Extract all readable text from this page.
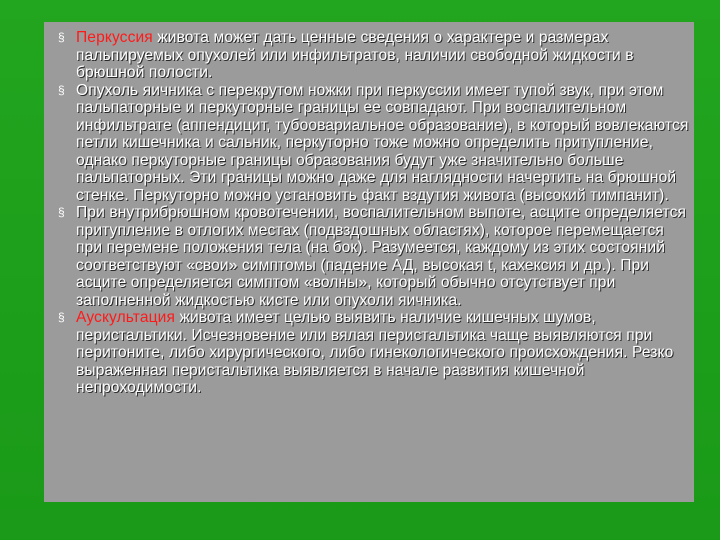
§ Перкуссия живота может дать ценные сведения о характере и размерах пальпируемых опухолей или инфильтратов, наличии свободной жидкости в брюшной полости.
§ Опухоль яичника с перекрутом ножки при перкуссии имеет тупой звук, при этом пальпаторные и перкуторные границы ее совпадают. При воспалительном инфильтрате (аппендицит, тубоовариальное образование), в который вовлекаются петли кишечника и сальник, перкуторно тоже можно определить притупление, однако перкуторные границы образования будут уже значительно больше пальпаторных. Эти границы можно даже для наглядности начертить на брюшной стенке. Перкуторно можно установить факт вздутия живота (высокий тимпанит).
§ При внутрибрюшном кровотечении, воспалительном выпоте, асците определяется притупление в отлогих местах (подвздошных областях), которое перемещается при перемене положения тела (на бок). Разумеется, каждому из этих состояний соответствуют «свои» симптомы (падение АД, высокая t, кахексия и др.). При асците определяется симптом «волны», который обычно отсутствует при заполненной жидкостью кисте или опухоли яичника.
§ Аускультация живота имеет целью выявить наличие кишечных шумов, перистальтики. Исчезновение или вялая перистальтика чаще выявляются при перитоните, либо хирургического, либо гинекологического происхождения. Резко выраженная перистальтика выявляется в начале развития кишечной непроходимости.
